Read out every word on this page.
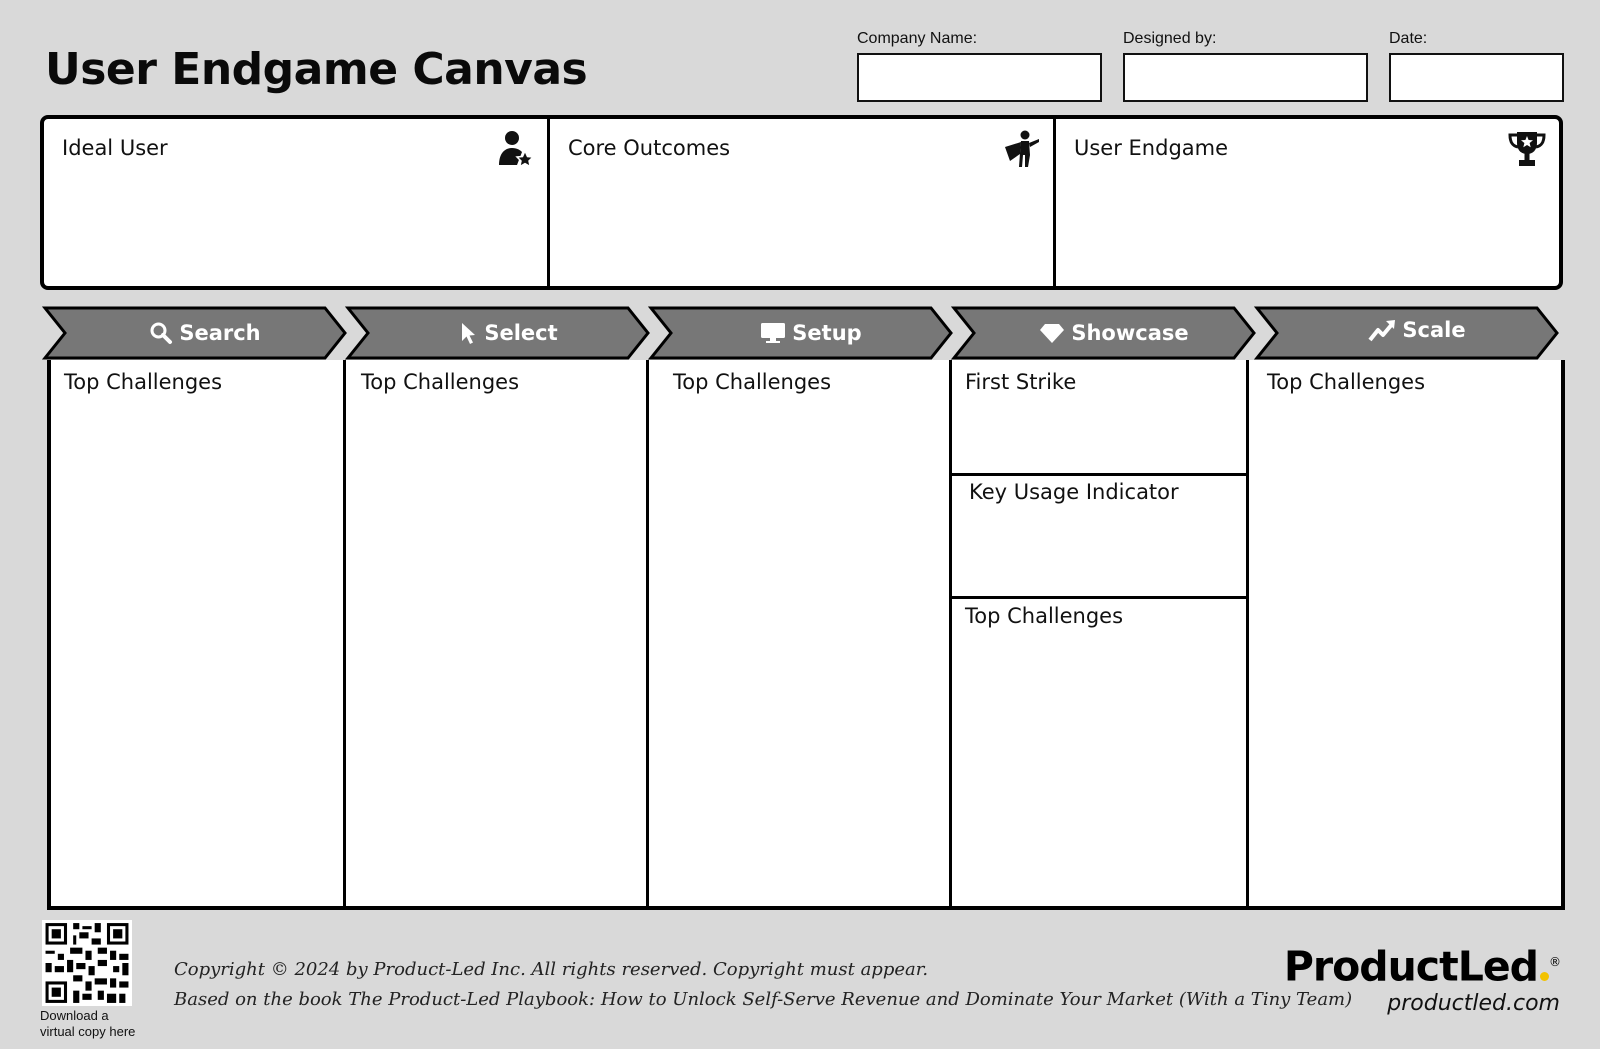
User Endgame Canvas
Company Name:	Designed by:	Date:
Ideal User	Core Outcomes	User Endgame
Search	Select	Setup	Showcase	Scale
Top Challenges	Top Challenges	Top Challenges	First Strike
Key Usage Indicator
Top Challenges
Top Challenges
Download a
virtual copy here
Copyright © 2024 by Product-Led Inc. All rights reserved. Copyright must appear.
Based on the book The Product-Led Playbook: How to Unlock Self-Serve Revenue and Dominate Your Market (With a Tiny Team)
ProductLed ®
productled.com
